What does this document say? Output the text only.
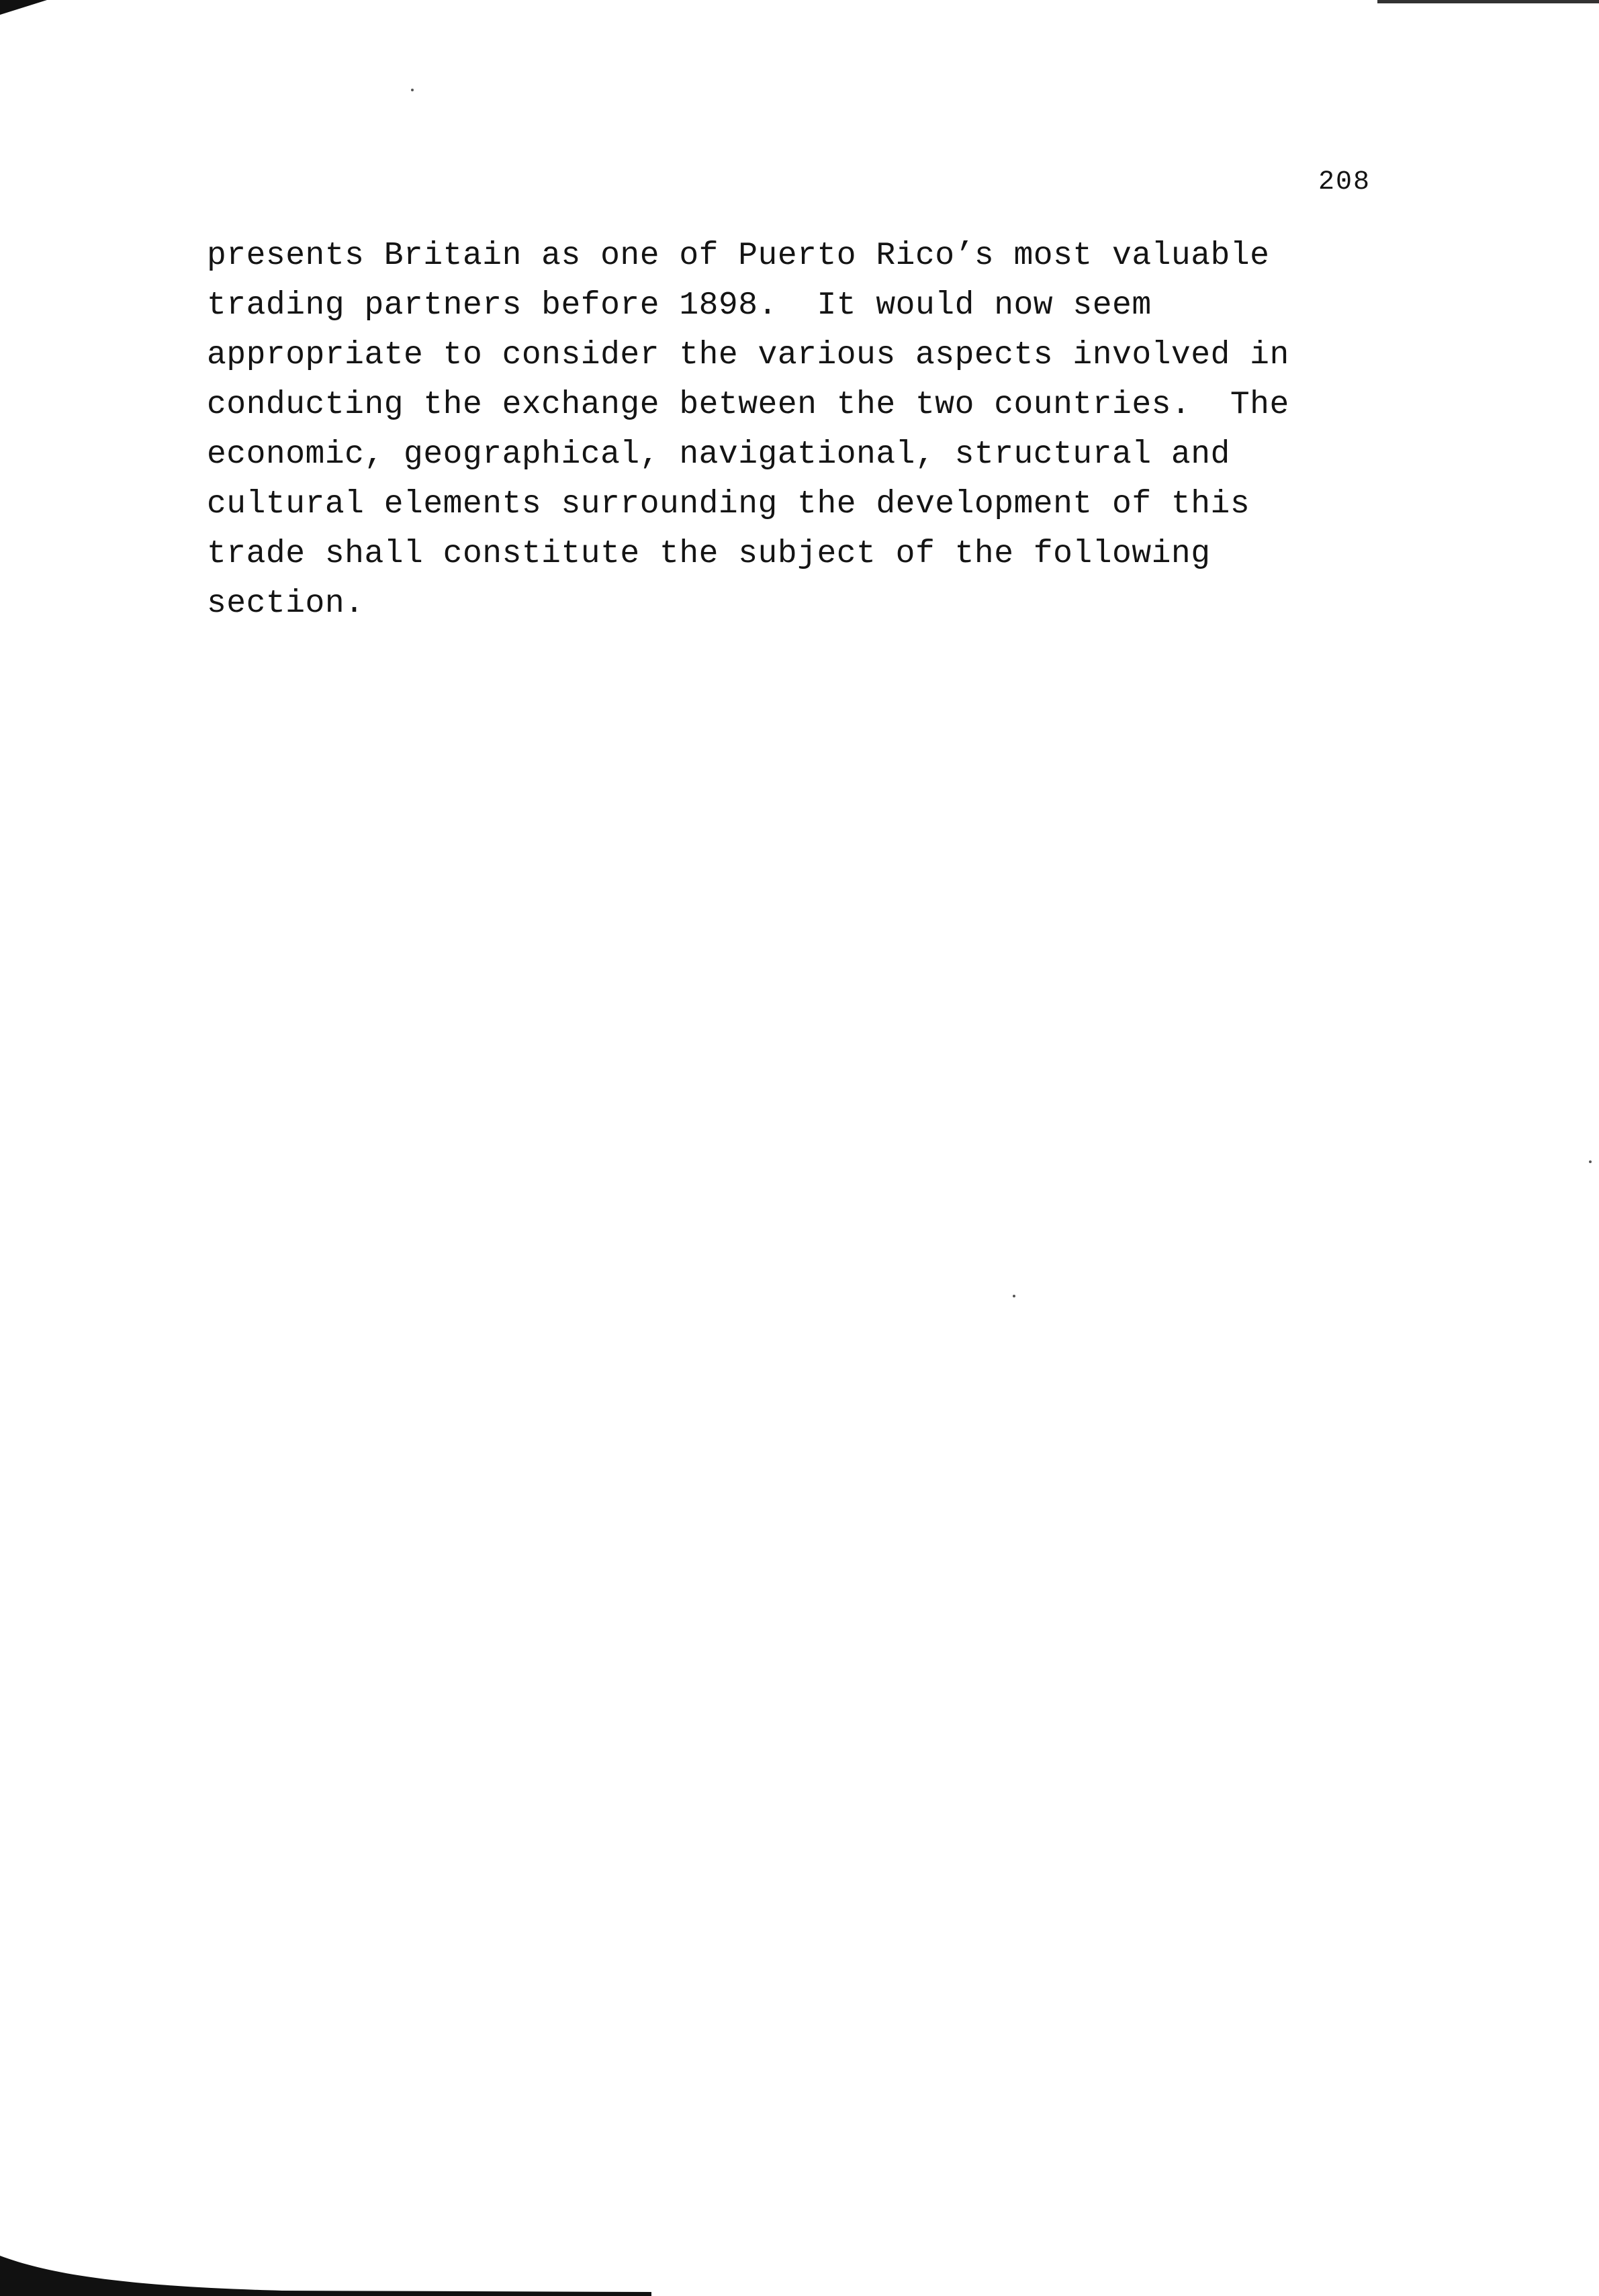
208
presents Britain as one of Puerto Rico’s most valuable
trading partners before 1898.  It would now seem
appropriate to consider the various aspects involved in
conducting the exchange between the two countries.  The
economic, geographical, navigational, structural and
cultural elements surrounding the development of this
trade shall constitute the subject of the following
section.
